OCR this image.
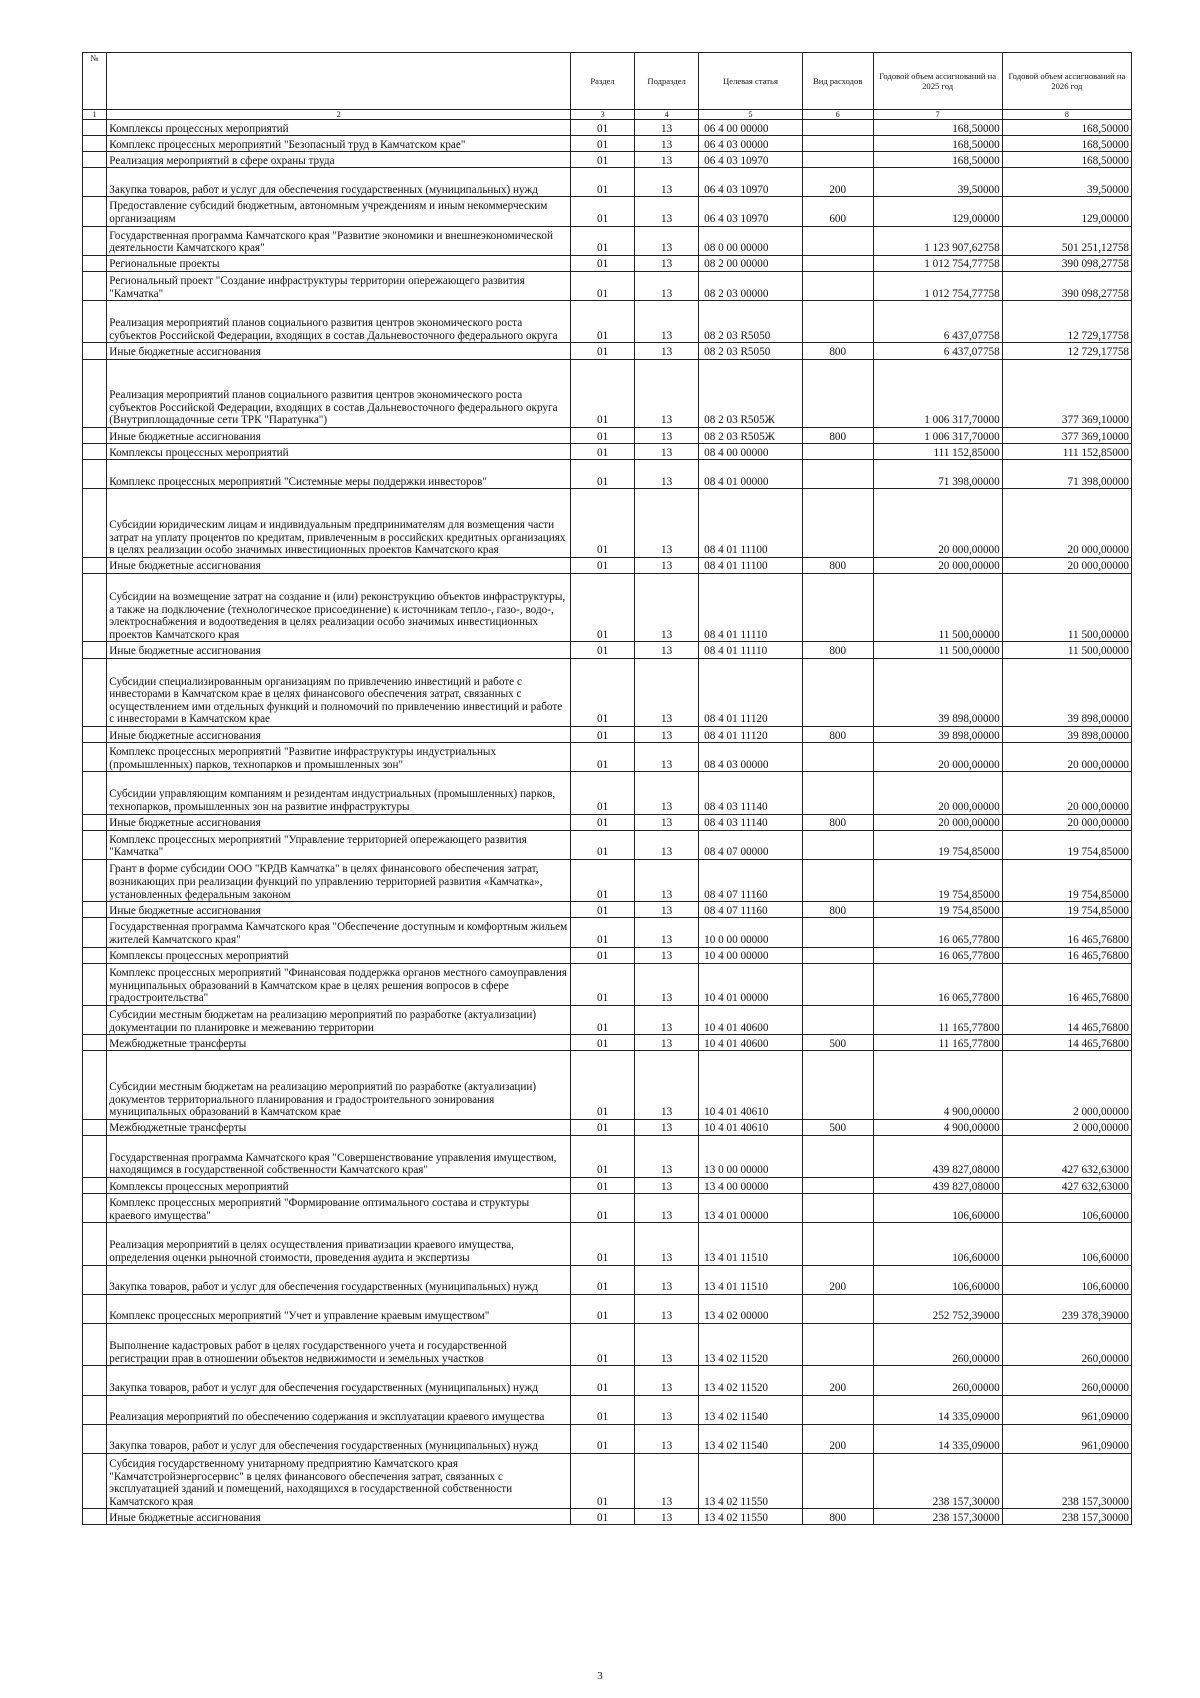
№		Раздел	Подраздел	Целевая статья	Вид расходов	Годовой объем ассигнований на 2025 год	Годовой объем ассигнований на 2026 год
1	2	3	4	5	6	7	8
	Комплексы процессных мероприятий	01	13	06 4 00 00000		168,50000	168,50000
	Комплекс процессных мероприятий "Безопасный труд в Камчатском крае"	01	13	06 4 03 00000		168,50000	168,50000
	Реализация мероприятий в сфере охраны труда	01	13	06 4 03 10970		168,50000	168,50000
	Закупка товаров, работ и услуг для обеспечения государственных (муниципальных) нужд	01	13	06 4 03 10970	200	39,50000	39,50000
	Предоставление субсидий бюджетным, автономным учреждениям и иным некоммерческим организациям	01	13	06 4 03 10970	600	129,00000	129,00000
	Государственная программа Камчатского края "Развитие экономики и внешнеэкономической деятельности Камчатского края"	01	13	08 0 00 00000		1 123 907,62758	501 251,12758
	Региональные проекты	01	13	08 2 00 00000		1 012 754,77758	390 098,27758
	Региональный проект "Создание инфраструктуры территории опережающего развития "Камчатка"	01	13	08 2 03 00000		1 012 754,77758	390 098,27758
	Реализация мероприятий планов социального развития центров экономического роста субъектов Российской Федерации, входящих в состав Дальневосточного федерального округа	01	13	08 2 03 R5050		6 437,07758	12 729,17758
	Иные бюджетные ассигнования	01	13	08 2 03 R5050	800	6 437,07758	12 729,17758
	Реализация мероприятий планов социального развития центров экономического роста субъектов Российской Федерации, входящих в состав Дальневосточного федерального округа (Внутриплощадочные сети ТРК "Паратунка")	01	13	08 2 03 R505Ж		1 006 317,70000	377 369,10000
	Иные бюджетные ассигнования	01	13	08 2 03 R505Ж	800	1 006 317,70000	377 369,10000
	Комплексы процессных мероприятий	01	13	08 4 00 00000		111 152,85000	111 152,85000
	Комплекс процессных мероприятий "Системные меры поддержки инвесторов"	01	13	08 4 01 00000		71 398,00000	71 398,00000
	Субсидии юридическим лицам и индивидуальным предпринимателям для возмещения части затрат на уплату процентов по кредитам, привлеченным в российских кредитных организациях в целях реализации особо значимых инвестиционных проектов Камчатского края	01	13	08 4 01 11100		20 000,00000	20 000,00000
	Иные бюджетные ассигнования	01	13	08 4 01 11100	800	20 000,00000	20 000,00000
	Субсидии на возмещение затрат на создание и (или) реконструкцию объектов инфраструктуры, а также на подключение (технологическое присоединение) к источникам тепло-, газо-, водо-, электроснабжения и водоотведения в целях реализации особо значимых инвестиционных проектов Камчатского края	01	13	08 4 01 11110		11 500,00000	11 500,00000
	Иные бюджетные ассигнования	01	13	08 4 01 11110	800	11 500,00000	11 500,00000
	Субсидии специализированным организациям по привлечению инвестиций и работе с инвесторами в Камчатском крае в целях финансового обеспечения затрат, связанных с осуществлением ими отдельных функций и полномочий по привлечению инвестиций и работе с инвесторами в Камчатском крае	01	13	08 4 01 11120		39 898,00000	39 898,00000
	Иные бюджетные ассигнования	01	13	08 4 01 11120	800	39 898,00000	39 898,00000
	Комплекс процессных мероприятий "Развитие инфраструктуры индустриальных (промышленных) парков, технопарков и промышленных зон"	01	13	08 4 03 00000		20 000,00000	20 000,00000
	Субсидии управляющим компаниям и резидентам индустриальных (промышленных) парков, технопарков, промышленных зон на развитие инфраструктуры	01	13	08 4 03 11140		20 000,00000	20 000,00000
	Иные бюджетные ассигнования	01	13	08 4 03 11140	800	20 000,00000	20 000,00000
	Комплекс процессных мероприятий "Управление территорией опережающего развития "Камчатка"	01	13	08 4 07 00000		19 754,85000	19 754,85000
	Грант в форме субсидии ООО "КРДВ Камчатка" в целях финансового обеспечения затрат, возникающих при реализации функций по управлению территорией развития «Камчатка», установленных федеральным законом	01	13	08 4 07 11160		19 754,85000	19 754,85000
	Иные бюджетные ассигнования	01	13	08 4 07 11160	800	19 754,85000	19 754,85000
	Государственная программа Камчатского края "Обеспечение доступным и комфортным жильем жителей Камчатского края"	01	13	10 0 00 00000		16 065,77800	16 465,76800
	Комплексы процессных мероприятий	01	13	10 4 00 00000		16 065,77800	16 465,76800
	Комплекс процессных мероприятий "Финансовая поддержка органов местного самоуправления муниципальных образований в Камчатском крае в целях решения вопросов в сфере градостроительства"	01	13	10 4 01 00000		16 065,77800	16 465,76800
	Субсидии местным бюджетам на реализацию мероприятий по разработке (актуализации) документации по планировке и межеванию территории	01	13	10 4 01 40600		11 165,77800	14 465,76800
	Межбюджетные трансферты	01	13	10 4 01 40600	500	11 165,77800	14 465,76800
	Субсидии местным бюджетам на реализацию мероприятий по разработке (актуализации) документов территориального планирования и градостроительного зонирования муниципальных образований в Камчатском крае	01	13	10 4 01 40610		4 900,00000	2 000,00000
	Межбюджетные трансферты	01	13	10 4 01 40610	500	4 900,00000	2 000,00000
	Государственная программа Камчатского края "Совершенствование управления имуществом, находящимся в государственной собственности Камчатского края"	01	13	13 0 00 00000		439 827,08000	427 632,63000
	Комплексы процессных мероприятий	01	13	13 4 00 00000		439 827,08000	427 632,63000
	Комплекс процессных мероприятий "Формирование оптимального состава и структуры краевого имущества"	01	13	13 4 01 00000		106,60000	106,60000
	Реализация мероприятий в целях осуществления приватизации краевого имущества, определения оценки рыночной стоимости, проведения аудита и экспертизы	01	13	13 4 01 11510		106,60000	106,60000
	Закупка товаров, работ и услуг для обеспечения государственных (муниципальных) нужд	01	13	13 4 01 11510	200	106,60000	106,60000
	Комплекс процессных мероприятий "Учет и управление краевым имуществом"	01	13	13 4 02 00000		252 752,39000	239 378,39000
	Выполнение кадастровых работ в целях государственного учета и государственной регистрации прав в отношении объектов недвижимости и земельных участков	01	13	13 4 02 11520		260,00000	260,00000
	Закупка товаров, работ и услуг для обеспечения государственных (муниципальных) нужд	01	13	13 4 02 11520	200	260,00000	260,00000
	Реализация мероприятий по обеспечению содержания и эксплуатации краевого имущества	01	13	13 4 02 11540		14 335,09000	961,09000
	Закупка товаров, работ и услуг для обеспечения государственных (муниципальных) нужд	01	13	13 4 02 11540	200	14 335,09000	961,09000
	Субсидия государственному унитарному предприятию Камчатского края "Камчатстройэнергосервис" в целях финансового обеспечения затрат, связанных с эксплуатацией зданий и помещений, находящихся в государственной собственности Камчатского края	01	13	13 4 02 11550		238 157,30000	238 157,30000
	Иные бюджетные ассигнования	01	13	13 4 02 11550	800	238 157,30000	238 157,30000
3
